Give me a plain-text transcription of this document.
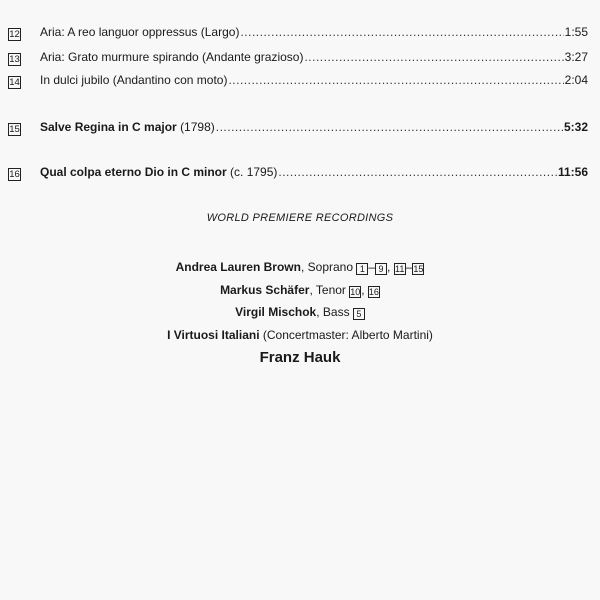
12 Aria: A reo languor oppressus (Largo) .....	1:55
13 Aria: Grato murmure spirando (Andante grazioso) .....	3:27
14 In dulci jubilo (Andantino con moto) .....	2:04
15 Salve Regina in C major (1798) .....	5:32
16 Qual colpa eterno Dio in C minor (c. 1795) .....	11:56
WORLD PREMIERE RECORDINGS
Andrea Lauren Brown, Soprano 1 – 9 , 11–15
Markus Schäfer, Tenor 10, 16
Virgil Mischok, Bass 5
I Virtuosi Italiani (Concertmaster: Alberto Martini)
Franz Hauk
